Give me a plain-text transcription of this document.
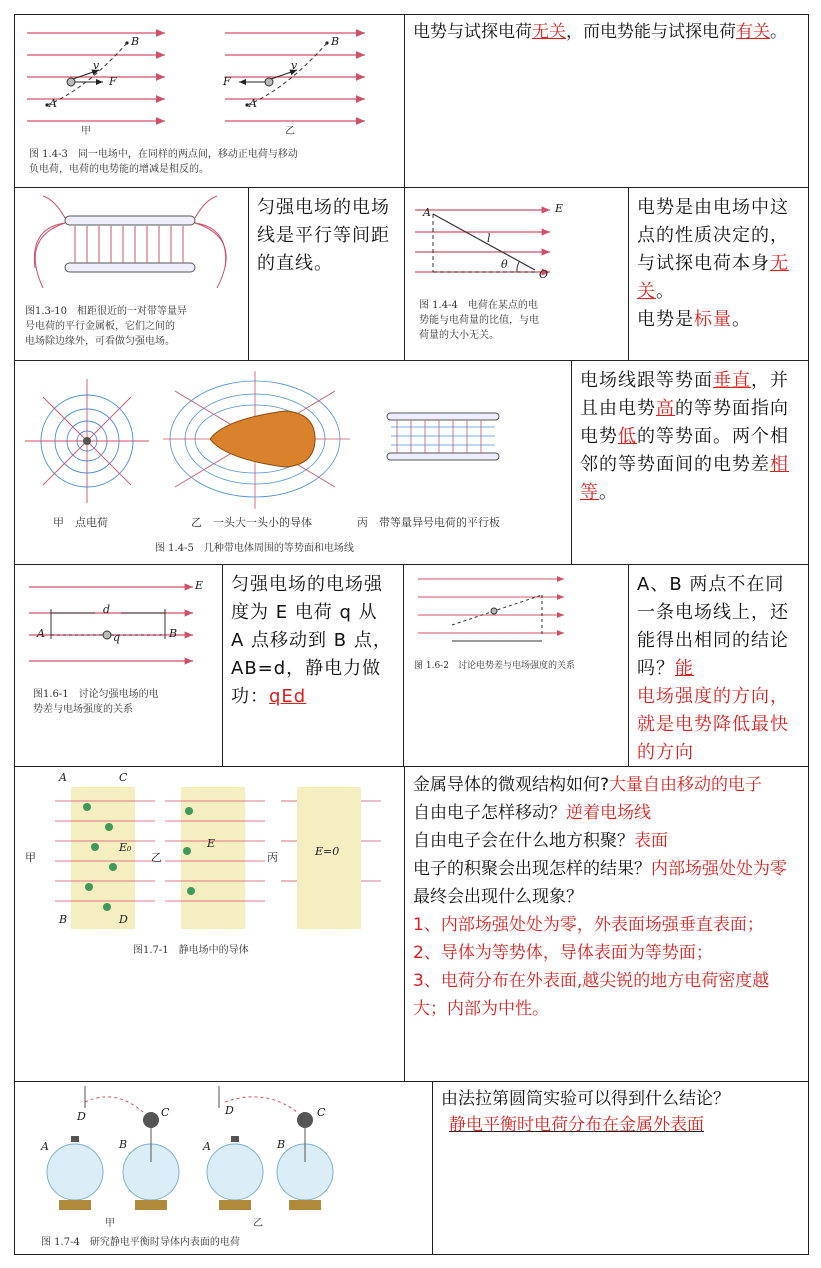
B
A
v
F
B
A
v
F
甲	乙
图 1.4-3　同一电场中，在同样的两点间，移动正电荷与移动
负电荷，电荷的电势能的增减是相反的。
电势与试探电荷无关，而电势能与试探电荷有关。
图1.3-10　相距很近的一对带等量异
号电荷的平行金属板，它们之间的
电场除边缘外，可看做匀强电场。
匀强电场的电场线是平行等间距的直线。
A	E
l
θ
O
图 1.4-4　电荷在某点的电
势能与电荷量的比值，与电
荷量的大小无关。
电势是由电场中这点的性质决定的，与试探电荷本身无关。
电势是标量。
甲　点电荷	乙　一头大一头小的导体	丙　带等量异号电荷的平行板
图 1.4-5　几种带电体周围的等势面和电场线
电场线跟等势面垂直，并且由电势高的等势面指向电势低的等势面。两个相邻的等势面间的电势差相等。
E
d
A	B
q
图1.6-1　讨论匀强电场的电
势差与电场强度的关系
匀强电场的电场强度为 E 电荷 q 从 A 点移动到 B 点，AB=d，静电力做功：qEd
图 1.6-2　讨论电势差与电场强度的关系
A、B 两点不在同一条电场线上，还能得出相同的结论吗？能
电场强度的方向，就是电势降低最快的方向
甲	乙	丙
A	C
B	D
E₀	E
E=0
图1.7-1　静电场中的导体
金属导体的微观结构如何?大量自由移动的电子
自由电子怎样移动？逆着电场线
自由电子会在什么地方积聚？表面
电子的积聚会出现怎样的结果？内部场强处处为零
最终会出现什么现象？
1、内部场强处处为零，外表面场强垂直表面；
2、导体为等势体，导体表面为等势面；
3、电荷分布在外表面,越尖锐的地方电荷密度越大；内部为中性。
A
D
B
C
A
D
B
C
甲	乙
图 1.7-4　研究静电平衡时导体内表面的电荷
由法拉第圆筒实验可以得到什么结论？
静电平衡时电荷分布在金属外表面
